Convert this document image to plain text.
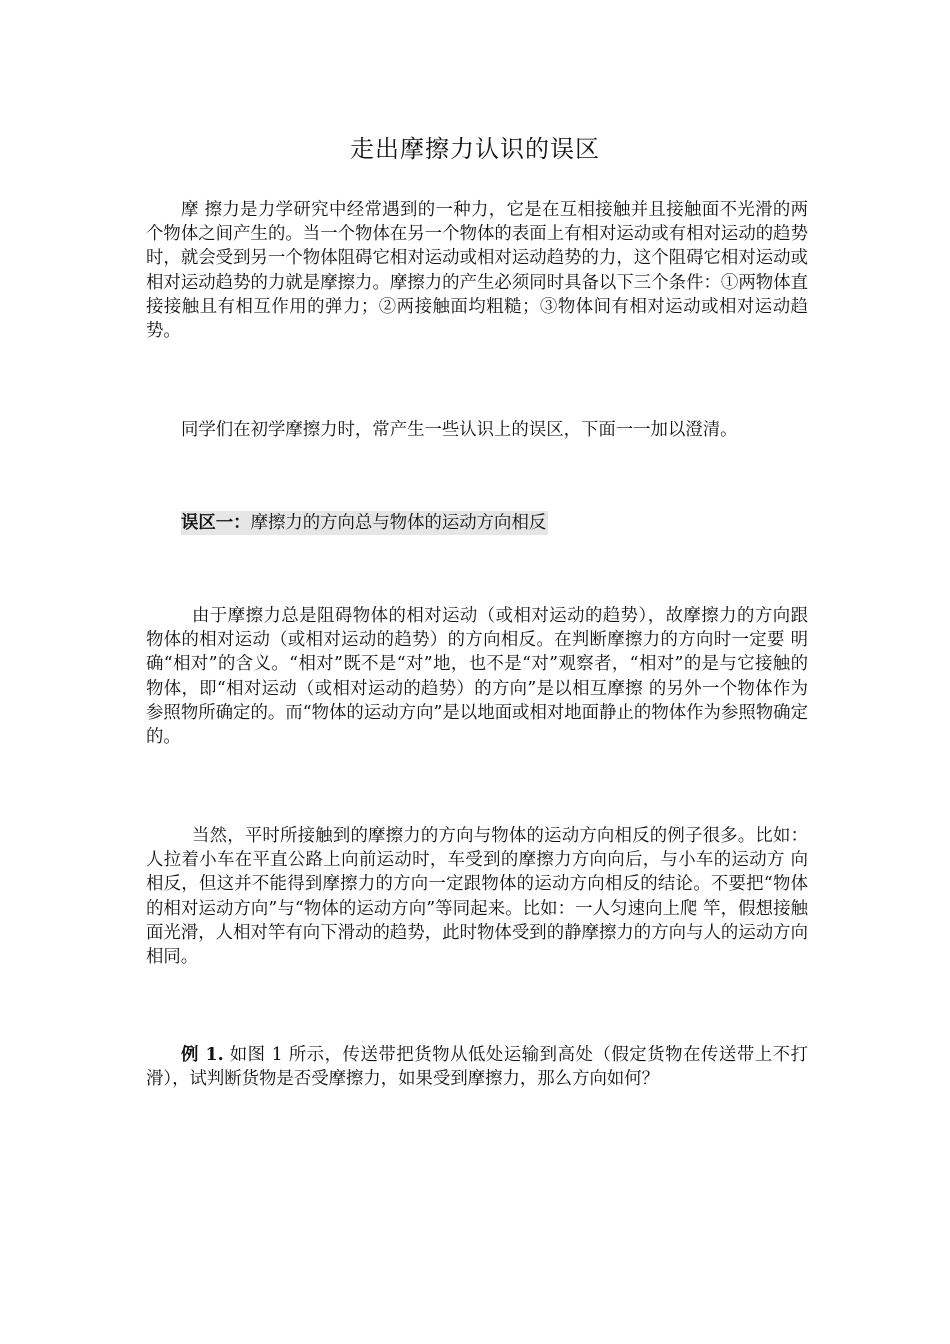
走出摩擦力认识的误区

摩 擦力是力学研究中经常遇到的一种力，它是在互相接触并且接触面不光滑的两个物体之间产生的。当一个物体在另一个物体的表面上有相对运动或有相对运动的趋势 时，就会受到另一个物体阻碍它相对运动或相对运动趋势的力，这个阻碍它相对运动或相对运动趋势的力就是摩擦力。摩擦力的产生必须同时具备以下三个条件：①两物体直接接触且有相互作用的弹力；②两接触面均粗糙；③物体间有相对运动或相对运动趋势。

同学们在初学摩擦力时，常产生一些认识上的误区，下面一一加以澄清。

误区一：摩擦力的方向总与物体的运动方向相反

由于摩擦力总是阻碍物体的相对运动（或相对运动的趋势），故摩擦力的方向跟物体的相对运动（或相对运动的趋势）的方向相反。在判断摩擦力的方向时一定要 明确“相对”的含义。“相对”既不是“对”地，也不是“对”观察者，“相对”的是与它接触的物体，即“相对运动（或相对运动的趋势）的方向”是以相互摩擦 的另外一个物体作为参照物所确定的。而“物体的运动方向”是以地面或相对地面静止的物体作为参照物确定的。

当然，平时所接触到的摩擦力的方向与物体的运动方向相反的例子很多。比如：人拉着小车在平直公路上向前运动时，车受到的摩擦力方向向后，与小车的运动方 向相反，但这并不能得到摩擦力的方向一定跟物体的运动方向相反的结论。不要把“物体的相对运动方向”与“物体的运动方向”等同起来。比如：一人匀速向上爬 竿，假想接触面光滑，人相对竿有向下滑动的趋势，此时物体受到的静摩擦力的方向与人的运动方向相同。

例 1. 如图 1 所示，传送带把货物从低处运输到高处（假定货物在传送带上不打滑），试判断货物是否受摩擦力，如果受到摩擦力，那么方向如何？
